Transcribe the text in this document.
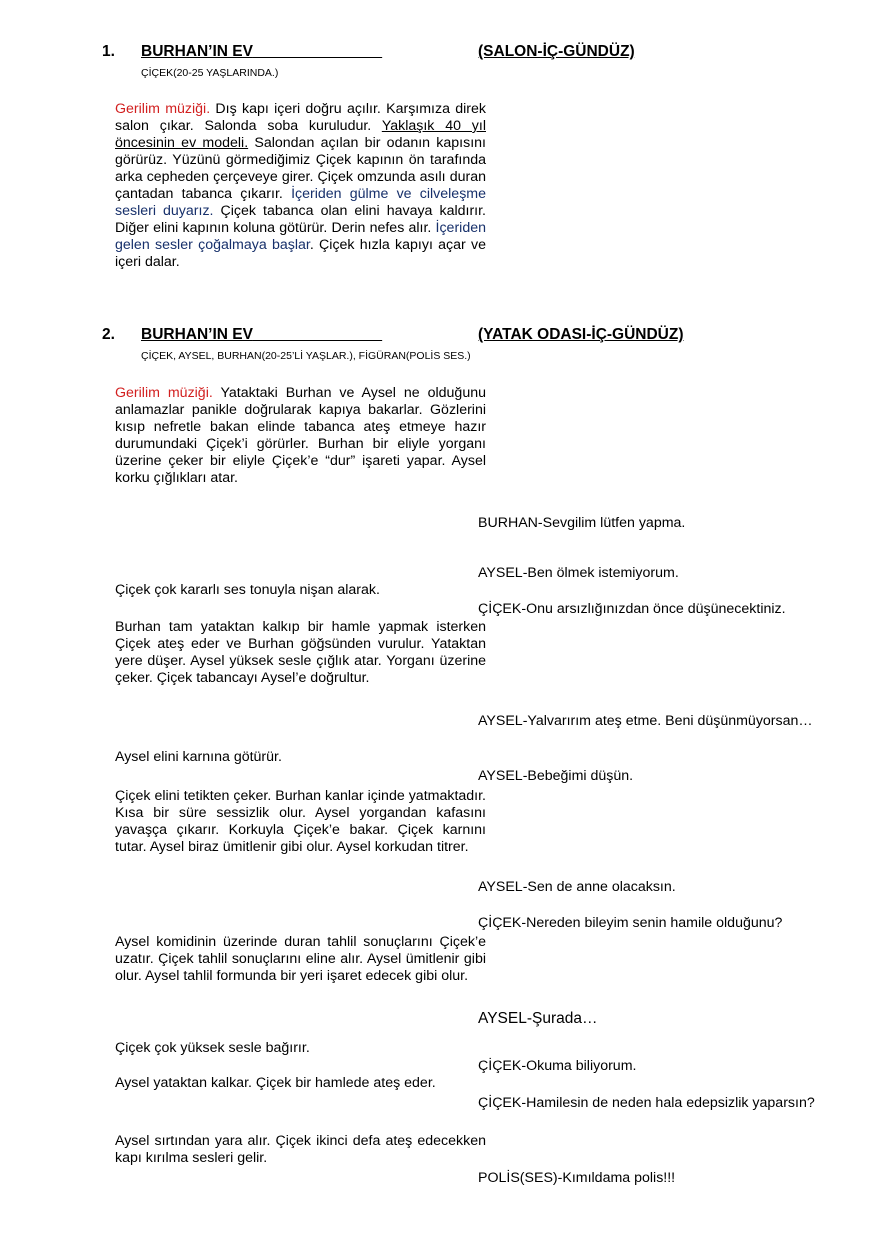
1. BURHAN’IN EV	(SALON-İÇ-GÜNDÜZ)
ÇİÇEK(20-25 YAŞLARINDA.)
Gerilim müziği. Dış kapı içeri doğru açılır. Karşımıza direk salon çıkar. Salonda soba kuruludur. Yaklaşık 40 yıl öncesinin ev modeli. Salondan açılan bir odanın kapısını görürüz. Yüzünü görmediğimiz Çiçek kapının ön tarafında arka cepheden çerçeveye girer. Çiçek omzunda asılı duran çantadan tabanca çıkarır. İçeriden gülme ve cilveleşme sesleri duyarız. Çiçek tabanca olan elini havaya kaldırır. Diğer elini kapının koluna götürür. Derin nefes alır. İçeriden gelen sesler çoğalmaya başlar. Çiçek hızla kapıyı açar ve içeri dalar.
2. BURHAN’IN EV	(YATAK ODASI-İÇ-GÜNDÜZ)
ÇİÇEK, AYSEL, BURHAN(20-25’Lİ YAŞLAR.), FİGÜRAN(POLİS SES.)
Gerilim müziği. Yataktaki Burhan ve Aysel ne olduğunu anlamazlar panikle doğrularak kapıya bakarlar. Gözlerini kısıp nefretle bakan elinde tabanca ateş etmeye hazır durumundaki Çiçek’i görürler. Burhan bir eliyle yorganı üzerine çeker bir eliyle Çiçek’e “dur” işareti yapar. Aysel korku çığlıkları atar.
Çiçek çok kararlı ses tonuyla nişan alarak.
Burhan tam yataktan kalkıp bir hamle yapmak isterken Çiçek ateş eder ve Burhan göğsünden vurulur. Yataktan yere düşer. Aysel yüksek sesle çığlık atar. Yorganı üzerine çeker. Çiçek tabancayı Aysel’e doğrultur.
Aysel elini karnına götürür.
Çiçek elini tetikten çeker. Burhan kanlar içinde yatmaktadır. Kısa bir süre sessizlik olur. Aysel yorgandan kafasını yavaşça çıkarır. Korkuyla Çiçek’e bakar. Çiçek karnını tutar. Aysel biraz ümitlenir gibi olur. Aysel korkudan titrer.
Aysel komidinin üzerinde duran tahlil sonuçlarını Çiçek’e uzatır. Çiçek tahlil sonuçlarını eline alır. Aysel ümitlenir gibi olur. Aysel tahlil formunda bir yeri işaret edecek gibi olur.
Çiçek çok yüksek sesle bağırır.
Aysel yataktan kalkar. Çiçek bir hamlede ateş eder.
Aysel sırtından yara alır. Çiçek ikinci defa ateş edecekken kapı kırılma sesleri gelir.
BURHAN-Sevgilim lütfen yapma.
AYSEL-Ben ölmek istemiyorum.
ÇİÇEK-Onu arsızlığınızdan önce düşünecektiniz.
AYSEL-Yalvarırım ateş etme. Beni düşünmüyorsan…
AYSEL-Bebeğimi düşün.
AYSEL-Sen de anne olacaksın.
ÇİÇEK-Nereden bileyim senin hamile olduğunu?
AYSEL-Şurada…
ÇİÇEK-Okuma biliyorum.
ÇİÇEK-Hamilesin de neden hala edepsizlik yaparsın?
POLİS(SES)-Kımıldama polis!!!
